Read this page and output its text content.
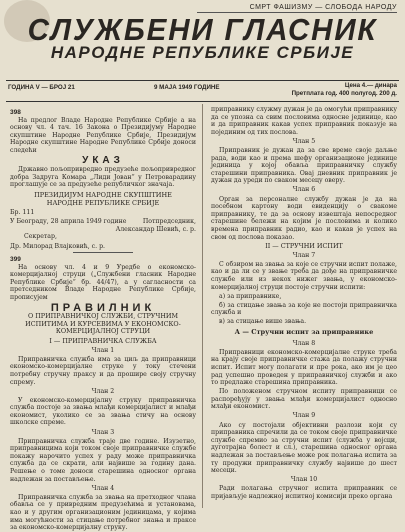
СМРТ ФАШИЗМУ — СЛОБОДА НАРОДУ
СЛУЖБЕНИ ГЛАСНИК
НАРОДНЕ РЕПУБЛИКЕ СРБИЈЕ
ГОДИНА V — БРОЈ 21	9 МАЈА 1949 ГОДИНЕ	Цена 4.— динара
Претплата год. 400 полугод. 200 д.
398

На предлог Владе Народне Републике Србије а на основу чл. 4 тач. 16 Закона о Президијуму Народне скупштине Народне Републике Србије, Президијум Народне скупштине Народне Републике Србије доноси следећи

УКАЗ

Државно пољопривредно предузеће пољопривредног добра Задруга Комара „Лиди Јован“ у Петроварадину проглашује се за предузеће републичког значаја.

ПРЕЗИДИЈУМ НАРОДНЕ СКУПШТИНЕ
НАРОДНЕ РЕПУБЛИКЕ СРБИЈЕ

Бр. 111

У Београду, 28 априла 1949 године	Потпредседник,
Александар Шевић, с. р.

Секретар,

Др. Милорад Влајковић, с. р.

399

На основу чл. 4 и 9 Уредбе о економско-комерцијалној струци („Службени гласник Народне Републике Србије“ бр. 44/47), а у сагласности са претседником Владе Народне Републике Србије, прописујем

ПРАВИЛНИК
О ПРИПРАВНИЧКОЈ СЛУЖБИ, СТРУЧНИМ ИСПИТИМА И КУРСЕВИМА У ЕКОНОМСКО-КОМЕРЦИЈАЛНОЈ СТРУЦИ
I — ПРИПРАВНИЧКА СЛУЖБА

Члан 1

Приправничка служба има за циљ да приправници економско-комерцијалне струке у току стечени потребну стручну праксу и да прошире своју стручну спрему.

Члан 2

У економско-комерцијалну струку приправничка служба постоје за звања млађи комерцијалист и млађи економист, уколико се за звања стичу на основу школске спреме.

Члан 3

Приправничка служба траје две године. Изузетно, приправницима који током своје приправничке службе покажу нарочито успех у раду може приправничка служба да се скрати, али највише за годину дана. Решење о томе доноси старешина односног органа надлежан за постављење.

Члан 4

Приправничка служба за звања на претходног члана обавља се у привредним предузећима и установама, као и у другим организационим јединицама, у којима има могућности за стицање потребног знања и праксе за економско-комерцијалну струку.

приправнику служму дужан је да омогући приправнику да се упозна са свим пословима односне јединице, као и да приправник какав успех приправник показује на појединим од тих послова.

Члан 5

Приправник је дужан да за све време своје даљње рада, води као и према шефу организационе јединице јединица у којој обавља приправничку службу старешини приправника. Овај дневник приправник је дужан да уреди по сваком месецу оверу.

Члан 6

Орган за персоналне службу дужан је да на посебном картону води евиденцију о свакоме приправнику, те да за основу извештаја непосредног старешине бележи на којим је пословима и колико времена приправник радио, као и какав је успех на свом од послова показао.

II — СТРУЧНИ ИСПИТ

Члан 7

С обзиром на звања за које се стручни испит полаже, као и да ли се у звање треба да дође на приправничке службе или из некох нижег звања, у економско-комерцијалној струци постоје стручни испити:

а) за приправнике,

б) за стицање звања за које не постоји приправничка служба и

в) за стицање више звања.

А — Стручни испит за приправнике

Члан 8

Приправници економско-комерцијалне струке треба на крају своје приправничке стажа да полажу стручни испит. Испит могу полагати и пре рока, ако им је цео рад успешно проведен у приправничкој служби и ако то предлаже старешина приправника.

По положеном стручном испиту приправници се распоређују у звања млађи комерцијалист односно млађи економист.

Члан 9

Ако су постојали објективни разлози који су приправника спречили да се током своје приправничке службе спремио за стручни испит (служба у војсци, дуготрајна болест и сл.), старешина односног органа надлежан за постављење може рок полагања испита за ту продужи приправничку службу највише до шест месеци.

Члан 10

Ради полагања стручног испита приправник се пријављује надлежној испитној комисији преко органа
